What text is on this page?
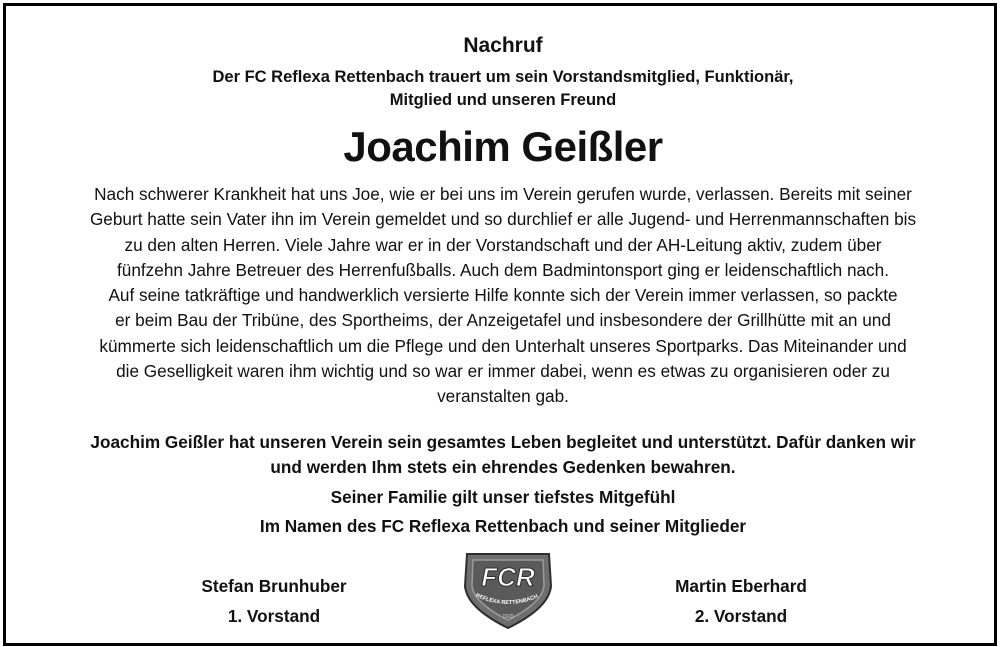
Nachruf
Der FC Reflexa Rettenbach trauert um sein Vorstandsmitglied, Funktionär,
Mitglied und unseren Freund
Joachim Geißler
Nach schwerer Krankheit hat uns Joe, wie er bei uns im Verein gerufen wurde, verlassen. Bereits mit seiner
Geburt hatte sein Vater ihn im Verein gemeldet und so durchlief er alle Jugend- und Herrenmannschaften bis
zu den alten Herren. Viele Jahre war er in der Vorstandschaft und der AH-Leitung aktiv, zudem über
fünfzehn Jahre Betreuer des Herrenfußballs. Auch dem Badmintonsport ging er leidenschaftlich nach.
Auf seine tatkräftige und handwerklich versierte Hilfe konnte sich der Verein immer verlassen, so packte
er beim Bau der Tribüne, des Sportheims, der Anzeigetafel und insbesondere der Grillhütte mit an und
kümmerte sich leidenschaftlich um die Pflege und den Unterhalt unseres Sportparks. Das Miteinander und
die Geselligkeit waren ihm wichtig und so war er immer dabei, wenn es etwas zu organisieren oder zu
veranstalten gab.
Joachim Geißler hat unseren Verein sein gesamtes Leben begleitet und unterstützt. Dafür danken wir
und werden Ihm stets ein ehrendes Gedenken bewahren.
Seiner Familie gilt unser tiefstes Mitgefühl
Im Namen des FC Reflexa Rettenbach und seiner Mitglieder
Stefan Brunhuber
1. Vorstand
Martin Eberhard
2. Vorstand
FCR
REFLEXA RETTENBACH
1920
